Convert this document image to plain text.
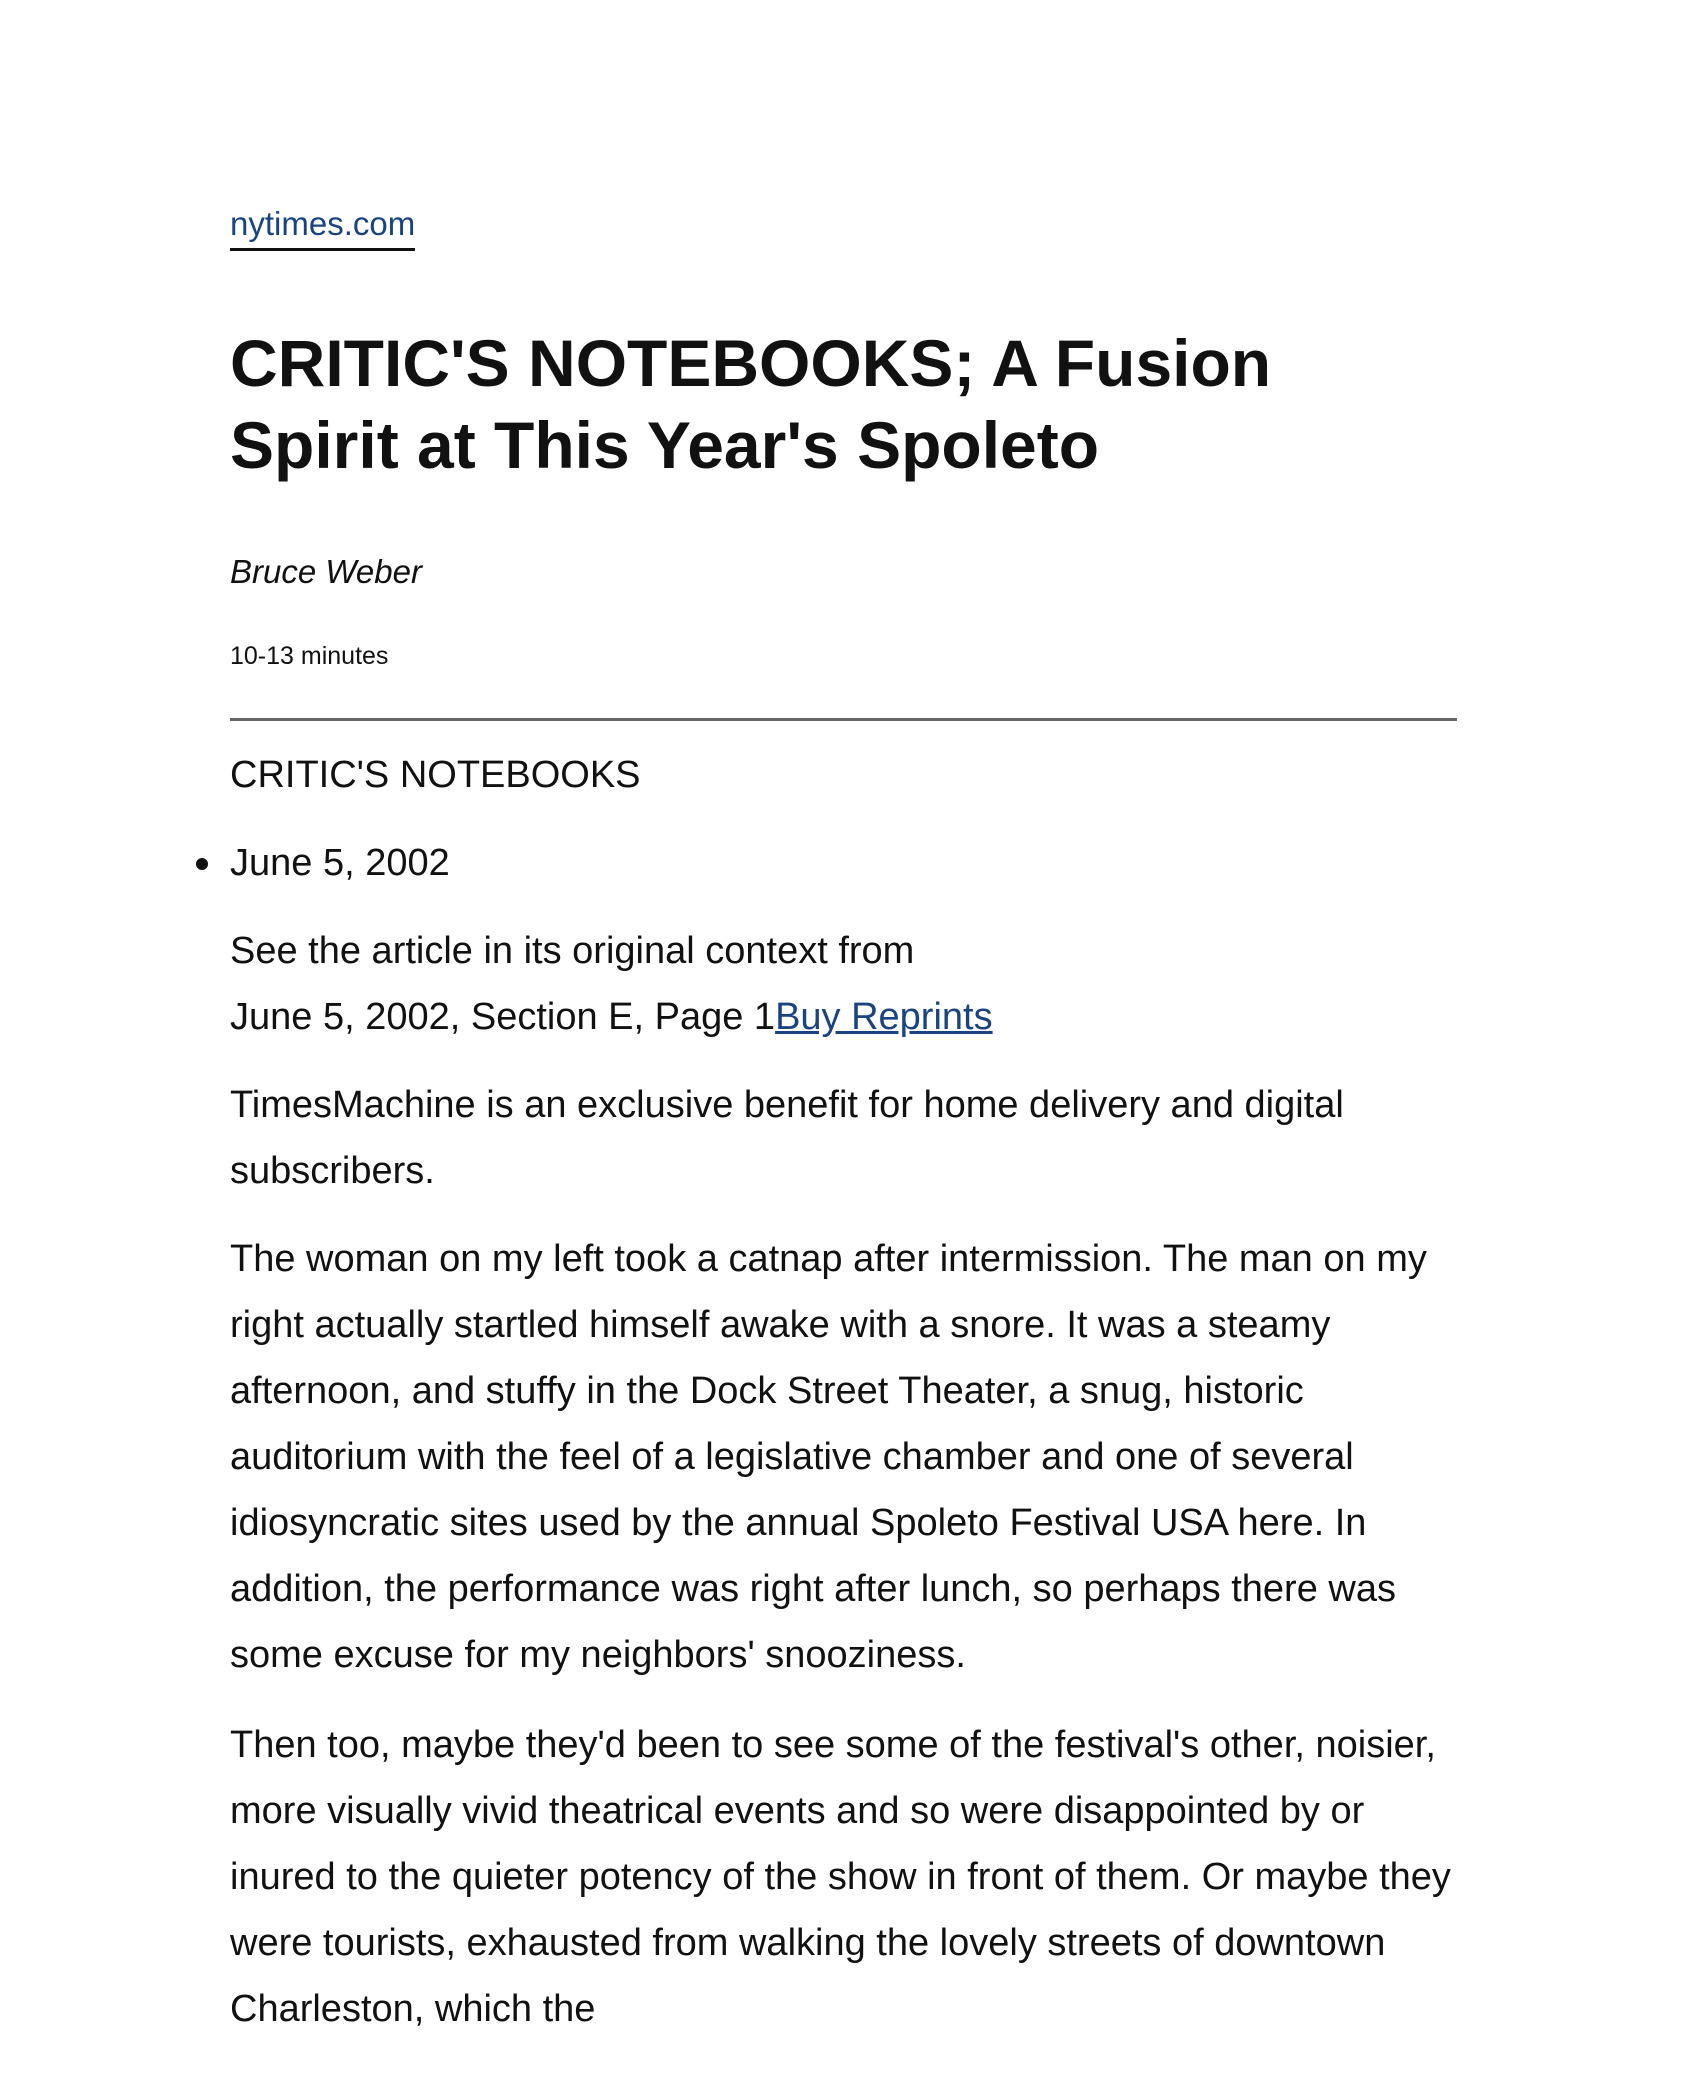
nytimes.com
CRITIC'S NOTEBOOKS; A Fusion Spirit at This Year's Spoleto
Bruce Weber
10-13 minutes
CRITIC'S NOTEBOOKS
June 5, 2002
See the article in its original context from
June 5, 2002, Section E, Page 1Buy Reprints

TimesMachine is an exclusive benefit for home delivery and digital subscribers.

The woman on my left took a catnap after intermission. The man on my right actually startled himself awake with a snore. It was a steamy afternoon, and stuffy in the Dock Street Theater, a snug, historic auditorium with the feel of a legislative chamber and one of several idiosyncratic sites used by the annual Spoleto Festival USA here. In addition, the performance was right after lunch, so perhaps there was some excuse for my neighbors' snooziness.

Then too, maybe they'd been to see some of the festival's other, noisier, more visually vivid theatrical events and so were disappointed by or inured to the quieter potency of the show in front of them. Or maybe they were tourists, exhausted from walking the lovely streets of downtown Charleston, which the
